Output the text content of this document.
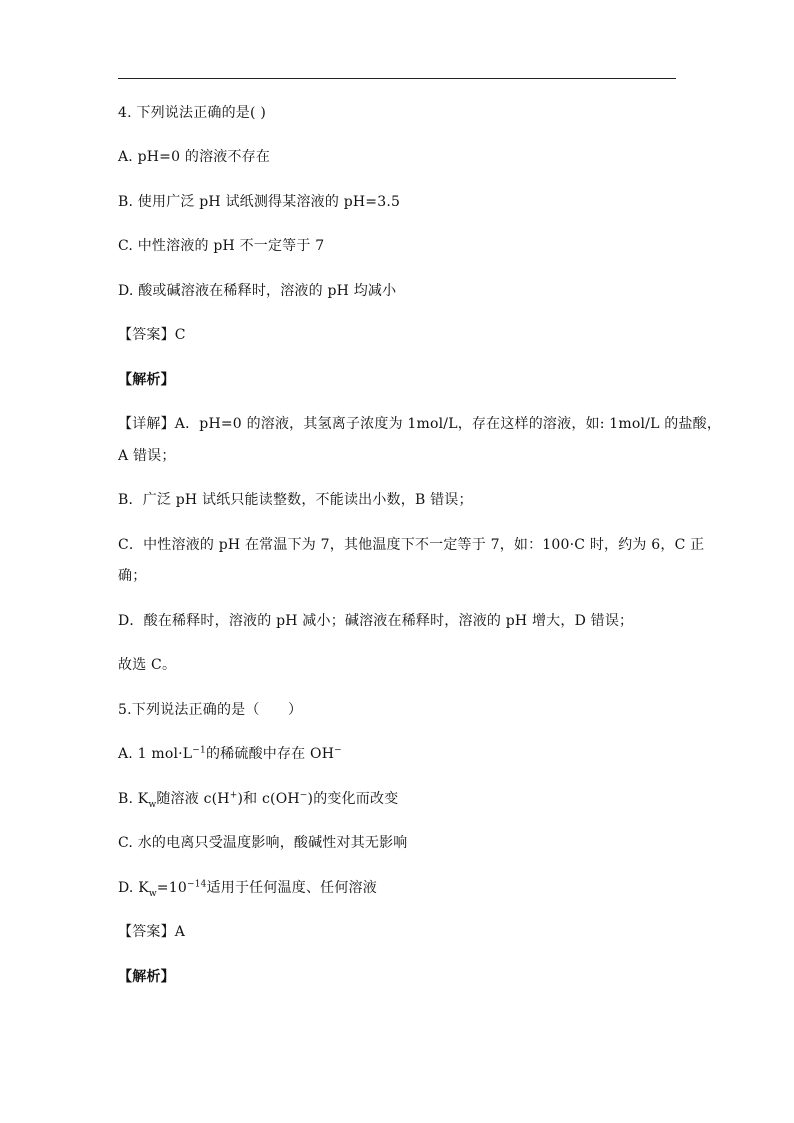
4. 下列说法正确的是( )
A. pH=0 的溶液不存在
B. 使用广泛 pH 试纸测得某溶液的 pH=3.5
C. 中性溶液的 pH 不一定等于 7
D. 酸或碱溶液在稀释时，溶液的 pH 均减小
【答案】C
【解析】
【详解】A．pH=0 的溶液，其氢离子浓度为 1mol/L，存在这样的溶液，如: 1mol/L 的盐酸，
A 错误；
B．广泛 pH 试纸只能读整数，不能读出小数，B 错误；
C．中性溶液的 pH 在常温下为 7，其他温度下不一定等于 7，如：100·C 时，约为 6，C 正
确；
D．酸在稀释时，溶液的 pH 减小；碱溶液在稀释时，溶液的 pH 增大，D 错误；
故选 C。
5.下列说法正确的是（　　）
A. 1 $mol\cdot L^{-1}$的稀硫酸中存在 OH−
B. $K_w$随溶液 c(H+)和 c(OH−)的变化而改变
C. 水的电离只受温度影响，酸碱性对其无影响
D. $K_w=10^{-14}$适用于任何温度、任何溶液
【答案】A
【解析】
